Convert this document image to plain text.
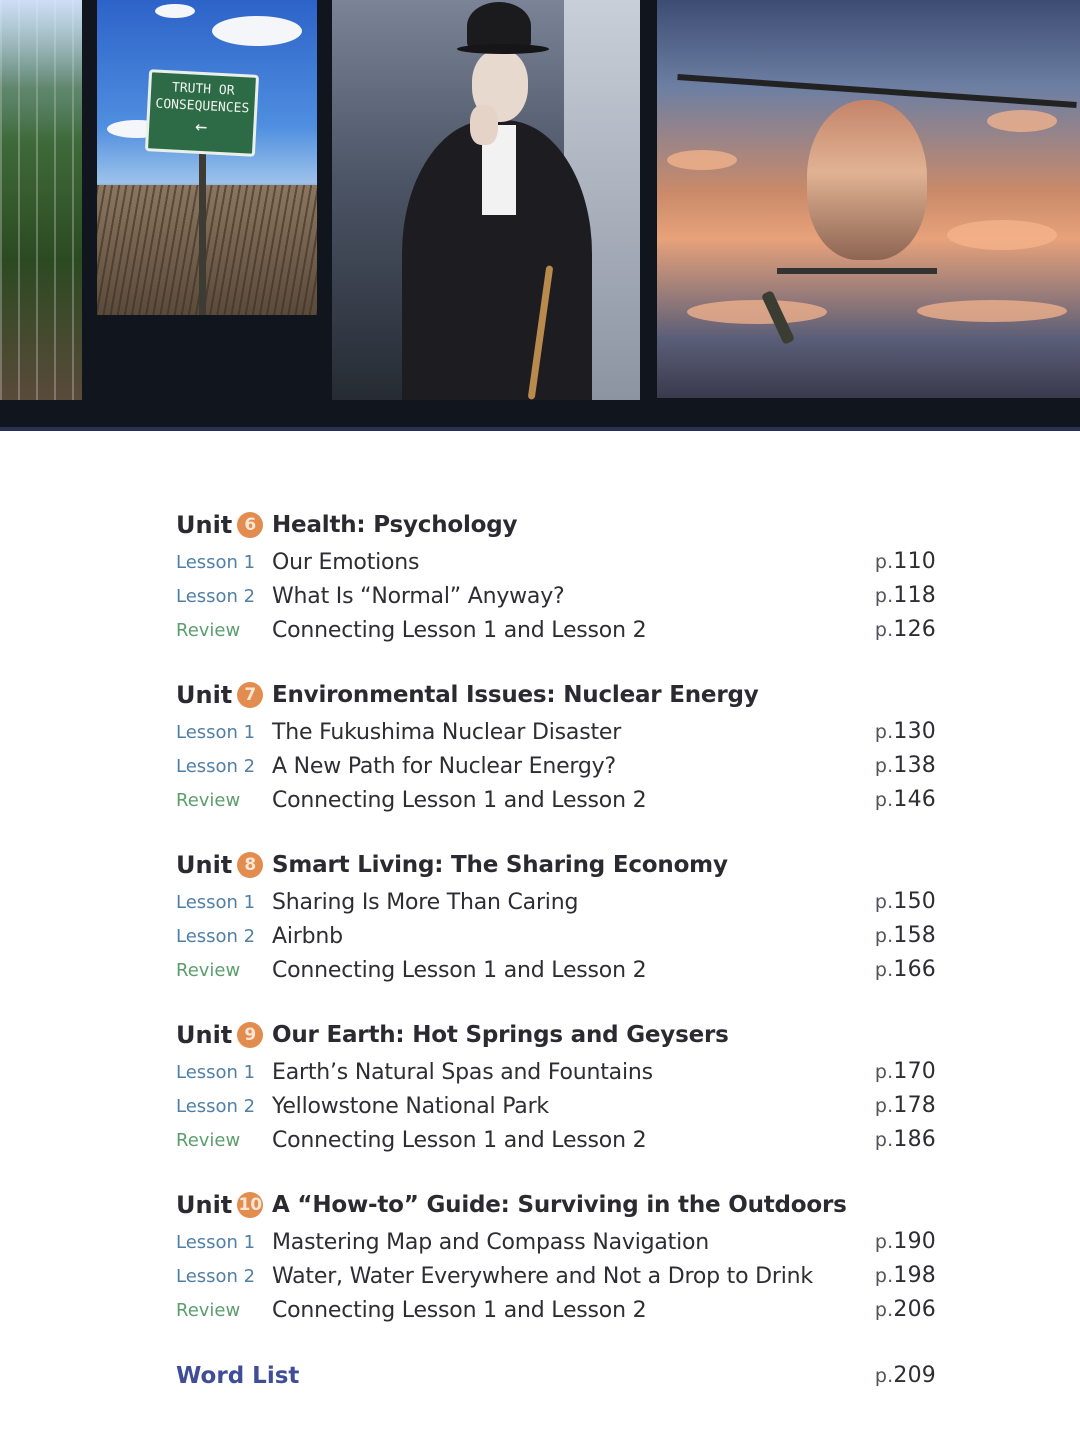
TRUTH OR
CONSEQUENCES
←
Unit 6 Health: Psychology
Lesson 1 Our Emotions	p.110
Lesson 2 What Is “Normal” Anyway?	p.118
Review	Connecting Lesson 1 and Lesson 2	p.126
Unit 7 Environmental Issues: Nuclear Energy
Lesson 1 The Fukushima Nuclear Disaster	p.130
Lesson 2 A New Path for Nuclear Energy?	p.138
Review	Connecting Lesson 1 and Lesson 2	p.146
Unit 8 Smart Living: The Sharing Economy
Lesson 1 Sharing Is More Than Caring	p.150
Lesson 2 Airbnb	p.158
Review	Connecting Lesson 1 and Lesson 2	p.166
Unit 9 Our Earth: Hot Springs and Geysers
Lesson 1 Earth’s Natural Spas and Fountains	p.170
Lesson 2 Yellowstone National Park	p.178
Review	Connecting Lesson 1 and Lesson 2	p.186
Unit 10 A “How-to” Guide: Surviving in the Outdoors
Lesson 1 Mastering Map and Compass Navigation	p.190
Lesson 2 Water, Water Everywhere and Not a Drop to Drink	p.198
Review	Connecting Lesson 1 and Lesson 2	p.206
Word List	p.209
